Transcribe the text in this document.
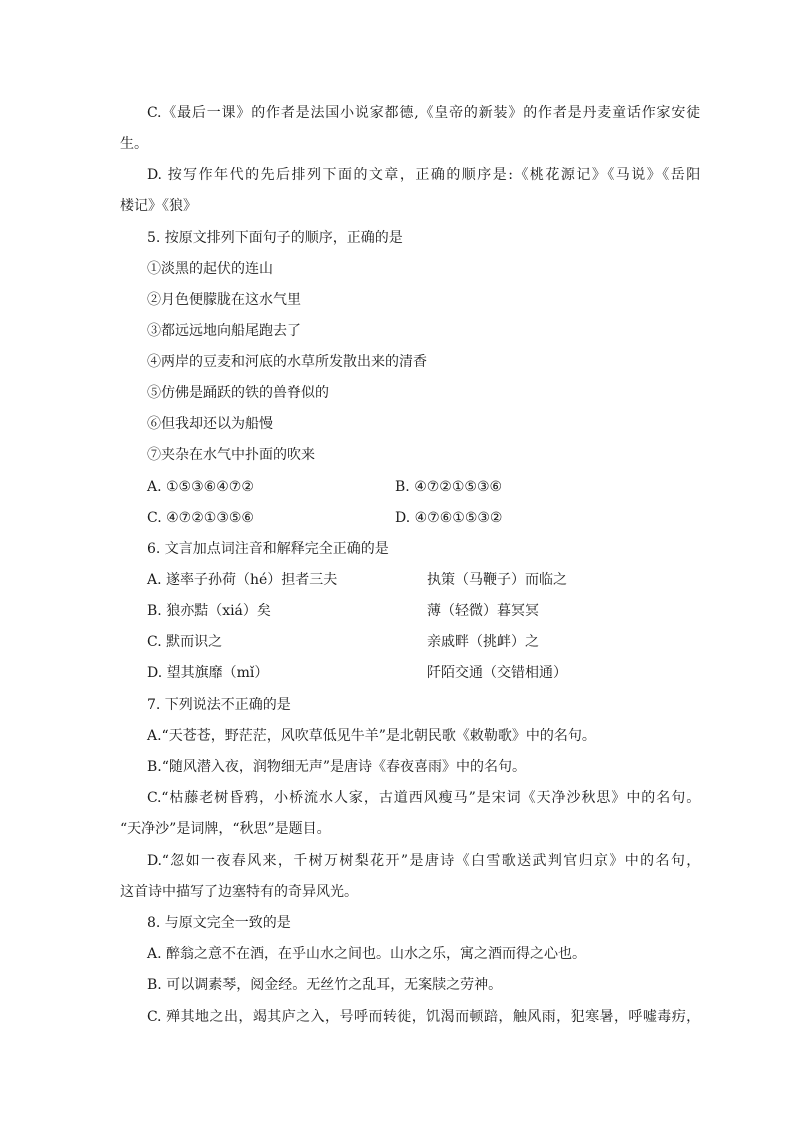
C.《最后一课》的作者是法国小说家都德,《皇帝的新装》的作者是丹麦童话作家安徒
生。
D. 按写作年代的先后排列下面的文章，正确的顺序是:《桃花源记》《马说》《岳阳
楼记》《狼》
5. 按原文排列下面句子的顺序，正确的是
①淡黑的起伏的连山
②月色便朦胧在这水气里
③都远远地向船尾跑去了
④两岸的豆麦和河底的水草所发散出来的清香
⑤仿佛是踊跃的铁的兽脊似的
⑥但我却还以为船慢
⑦夹杂在水气中扑面的吹来
A. ①⑤③⑥④⑦②	B. ④⑦②①⑤③⑥
C. ④⑦②①③⑤⑥	D. ④⑦⑥①⑤③②
6. 文言加点词注音和解释完全正确的是
A. 遂率子孙荷（hé）担者三夫	执策（马鞭子）而临之
B. 狼亦黠（xiá）矣	薄（轻微）暮冥冥
C. 默而识之	亲戚畔（挑衅）之
D. 望其旗靡（mǐ）	阡陌交通（交错相通）
7. 下列说法不正确的是
A.“天苍苍，野茫茫，风吹草低见牛羊”是北朝民歌《敕勒歌》中的名句。
B.“随风潜入夜，润物细无声”是唐诗《春夜喜雨》中的名句。
C.“枯藤老树昏鸦，小桥流水人家，古道西风瘦马”是宋词《天净沙秋思》中的名句。
“天净沙”是词牌，“秋思”是题目。
D.“忽如一夜春风来，千树万树梨花开”是唐诗《白雪歌送武判官归京》中的名句，
这首诗中描写了边塞特有的奇异风光。
8. 与原文完全一致的是
A. 醉翁之意不在酒，在乎山水之间也。山水之乐，寓之酒而得之心也。
B. 可以调素琴，阅金经。无丝竹之乱耳，无案牍之劳神。
C. 殚其地之出，竭其庐之入，号呼而转徙，饥渴而顿踣，触风雨，犯寒暑，呼嘘毒疠，
